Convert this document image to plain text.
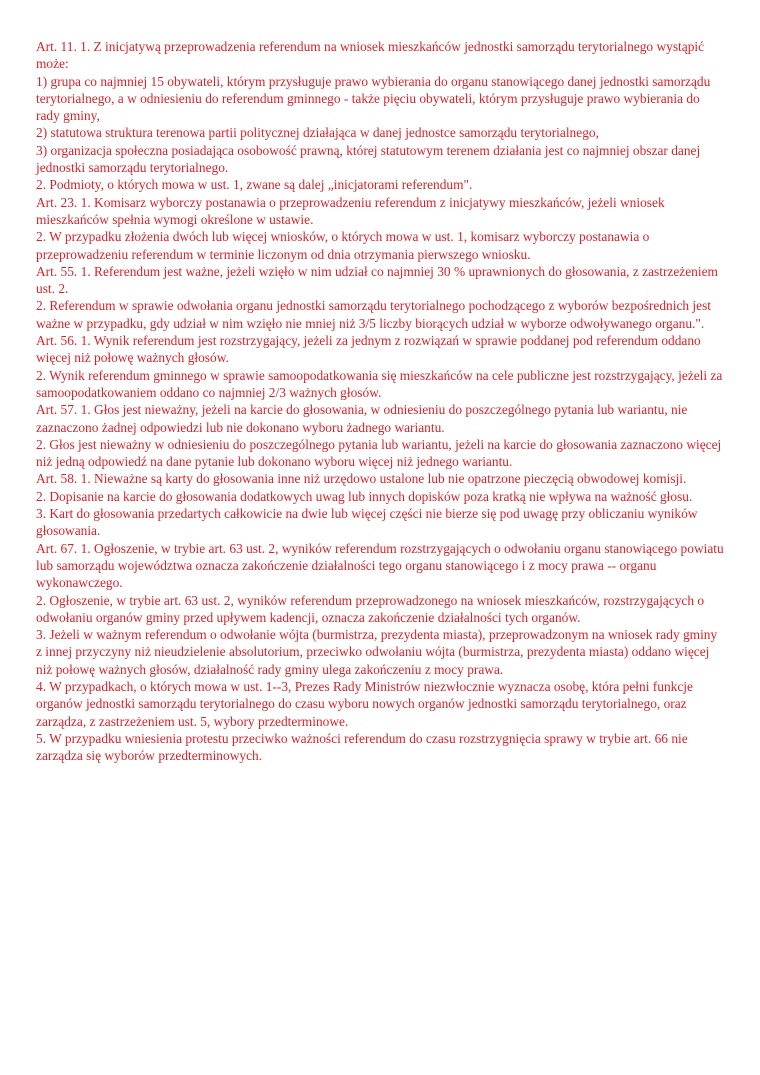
Art. 11. 1. Z inicjatywą przeprowadzenia referendum na wniosek mieszkańców jednostki samorządu terytorialnego wystąpić może:

1) grupa co najmniej 15 obywateli, którym przysługuje prawo wybierania do organu stanowiącego danej jednostki samorządu terytorialnego, a w odniesieniu do referendum gminnego - także pięciu obywateli, którym przysługuje prawo wybierania do rady gminy,

2) statutowa struktura terenowa partii politycznej działająca w danej jednostce samorządu terytorialnego,

3) organizacja społeczna posiadająca osobowość prawną, której statutowym terenem działania jest co najmniej obszar danej jednostki samorządu terytorialnego.

2. Podmioty, o których mowa w ust. 1, zwane są dalej „inicjatorami referendum".

Art. 23. 1. Komisarz wyborczy postanawia o przeprowadzeniu referendum z inicjatywy mieszkańców, jeżeli wniosek mieszkańców spełnia wymogi określone w ustawie.

2. W przypadku złożenia dwóch lub więcej wniosków, o których mowa w ust. 1, komisarz wyborczy postanawia o przeprowadzeniu referendum w terminie liczonym od dnia otrzymania pierwszego wniosku.

Art. 55. 1. Referendum jest ważne, jeżeli wzięło w nim udział co najmniej 30 % uprawnionych do głosowania, z zastrzeżeniem ust. 2.

2. Referendum w sprawie odwołania organu jednostki samorządu terytorialnego pochodzącego z wyborów bezpośrednich jest ważne w przypadku, gdy udział w nim wzięło nie mniej niż 3/5 liczby biorących udział w wyborze odwoływanego organu.".

Art. 56. 1. Wynik referendum jest rozstrzygający, jeżeli za jednym z rozwiązań w sprawie poddanej pod referendum oddano więcej niż połowę ważnych głosów.

2. Wynik referendum gminnego w sprawie samoopodatkowania się mieszkańców na cele publiczne jest rozstrzygający, jeżeli za samoopodatkowaniem oddano co najmniej 2/3 ważnych głosów.

Art. 57. 1. Głos jest nieważny, jeżeli na karcie do głosowania, w odniesieniu do poszczególnego pytania lub wariantu, nie zaznaczono żadnej odpowiedzi lub nie dokonano wyboru żadnego wariantu.

2. Głos jest nieważny w odniesieniu do poszczególnego pytania lub wariantu, jeżeli na karcie do głosowania zaznaczono więcej niż jedną odpowiedź na dane pytanie lub dokonano wyboru więcej niż jednego wariantu.

Art. 58. 1. Nieważne są karty do głosowania inne niż urzędowo ustalone lub nie opatrzone pieczęcią obwodowej komisji.

2. Dopisanie na karcie do głosowania dodatkowych uwag lub innych dopisków poza kratką nie wpływa na ważność głosu.

3. Kart do głosowania przedartych całkowicie na dwie lub więcej części nie bierze się pod uwagę przy obliczaniu wyników głosowania.

Art. 67. 1. Ogłoszenie, w trybie art. 63 ust. 2, wyników referendum rozstrzygających o odwołaniu organu stanowiącego powiatu lub samorządu województwa oznacza zakończenie działalności tego organu stanowiącego i z mocy prawa -- organu wykonawczego.

2. Ogłoszenie, w trybie art. 63 ust. 2, wyników referendum przeprowadzonego na wniosek mieszkańców, rozstrzygających o odwołaniu organów gminy przed upływem kadencji, oznacza zakończenie działalności tych organów.

3. Jeżeli w ważnym referendum o odwołanie wójta (burmistrza, prezydenta miasta), przeprowadzonym na wniosek rady gminy z innej przyczyny niż nieudzielenie absolutorium, przeciwko odwołaniu wójta (burmistrza, prezydenta miasta) oddano więcej niż połowę ważnych głosów, działalność rady gminy ulega zakończeniu z mocy prawa.

4. W przypadkach, o których mowa w ust. 1--3, Prezes Rady Ministrów niezwłocznie wyznacza osobę, która pełni funkcje organów jednostki samorządu terytorialnego do czasu wyboru nowych organów jednostki samorządu terytorialnego, oraz zarządza, z zastrzeżeniem ust. 5, wybory przedterminowe.

5. W przypadku wniesienia protestu przeciwko ważności referendum do czasu rozstrzygnięcia sprawy w trybie art. 66 nie zarządza się wyborów przedterminowych.
